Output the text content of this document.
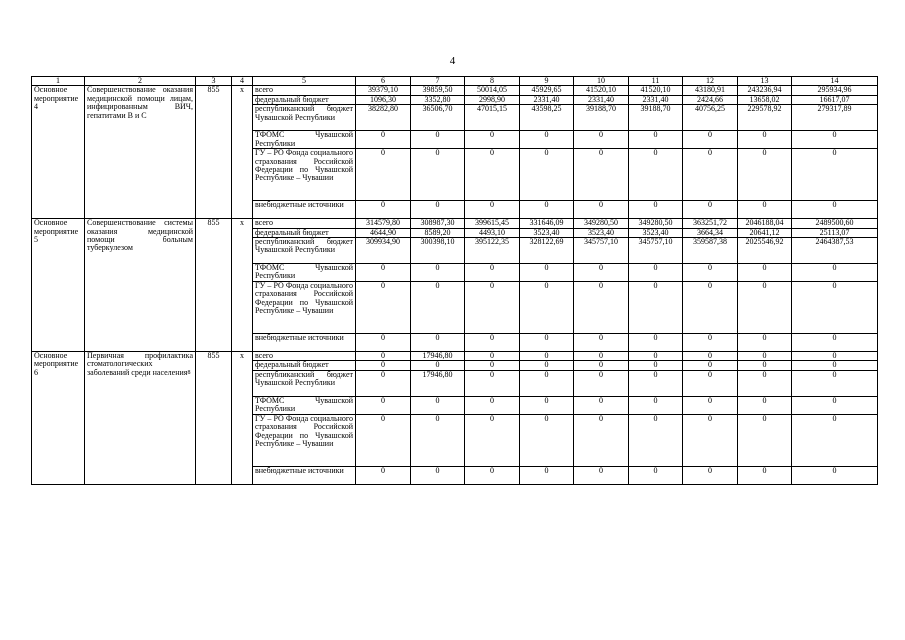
4
1	2	3	4	5	6	7	8	9	10	11	12	13	14
Основное мероприятие 4	Совершенствование оказания медицинской помощи лицам, инфицированным ВИЧ, гепатитами B и C	855	х	всего	39379,10	39859,50	50014,05	45929,65	41520,10	41520,10	43180,91	243236,94	295934,96
				федеральный бюджет	1096,30	3352,80	2998,90	2331,40	2331,40	2331,40	2424,66	13658,02	16617,07
				республиканский бюджет Чувашской Республики	38282,80	36506,70	47015,15	43598,25	39188,70	39188,70	40756,25	229578,92	279317,89
				ТФОМС Чувашской Республики	0	0	0	0	0	0	0	0	0
				ГУ – РО Фонда социального страхования Российской Федерации по Чувашской Республике – Чувашии	0	0	0	0	0	0	0	0	0
				внебюджетные источники	0	0	0	0	0	0	0	0	0
Основное мероприятие 5	Совершенствование системы оказания медицинской помощи больным туберкулезом	855	х	всего	314579,80	308987,30	399615,45	331646,09	349280,50	349280,50	363251,72	2046188,04	2489500,60
				федеральный бюджет	4644,90	8589,20	4493,10	3523,40	3523,40	3523,40	3664,34	20641,12	25113,07
				республиканский бюджет Чувашской Республики	309934,90	300398,10	395122,35	328122,69	345757,10	345757,10	359587,38	2025546,92	2464387,53
				ТФОМС Чувашской Республики	0	0	0	0	0	0	0	0	0
				ГУ – РО Фонда социального страхования Российской Федерации по Чувашской Республике – Чувашии	0	0	0	0	0	0	0	0	0
				внебюджетные источники	0	0	0	0	0	0	0	0	0
Основное мероприятие 6	Первичная профилактика стоматологических заболеваний среди населения$^8$	855	х	всего	0	17946,80	0	0	0	0	0	0	0
				федеральный бюджет	0	0	0	0	0	0	0	0	0
				республиканский бюджет Чувашской Республики	0	17946,80	0	0	0	0	0	0	0
				ТФОМС Чувашской Республики	0	0	0	0	0	0	0	0	0
				ГУ – РО Фонда социального страхования Российской Федерации по Чувашской Республике – Чувашии	0	0	0	0	0	0	0	0	0
				внебюджетные источники	0	0	0	0	0	0	0	0	0
